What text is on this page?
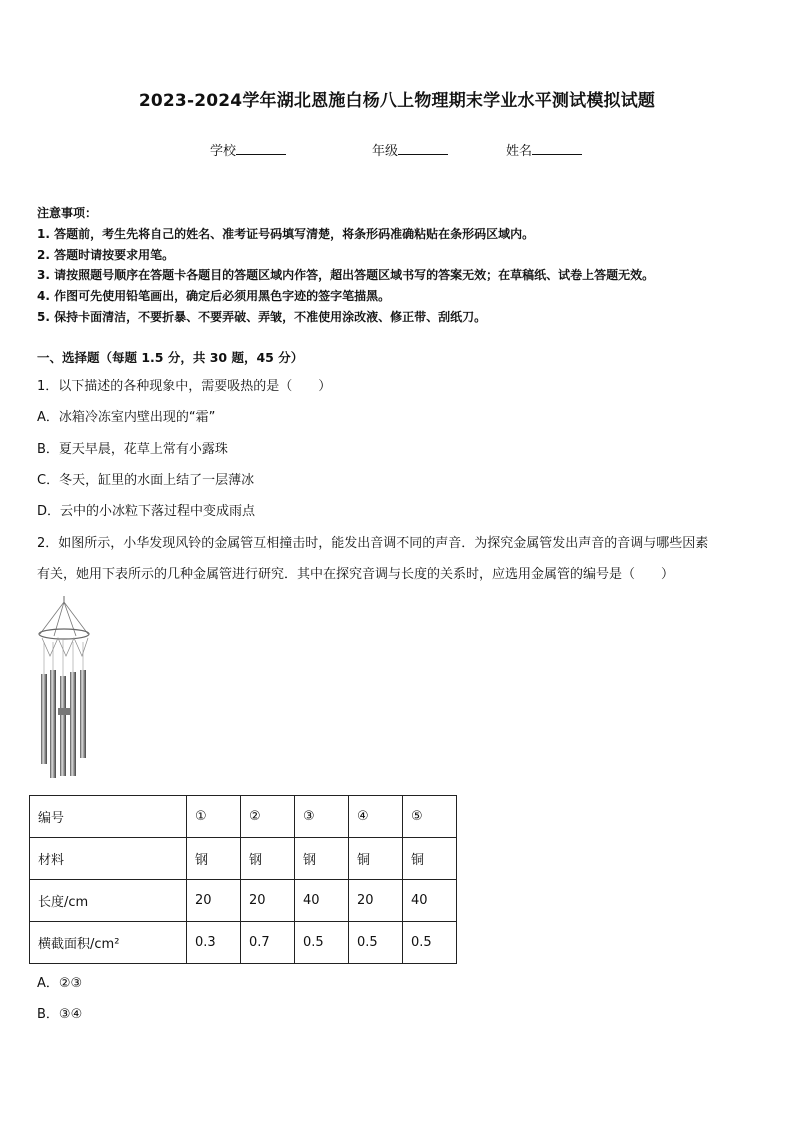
2023-2024学年湖北恩施白杨八上物理期末学业水平测试模拟试题
学校	年级	姓名
注意事项：
1. 答题前，考生先将自己的姓名、准考证号码填写清楚，将条形码准确粘贴在条形码区域内。
2. 答题时请按要求用笔。
3. 请按照题号顺序在答题卡各题目的答题区域内作答，超出答题区域书写的答案无效；在草稿纸、试卷上答题无效。
4. 作图可先使用铅笔画出，确定后必须用黑色字迹的签字笔描黑。
5. 保持卡面清洁，不要折暴、不要弄破、弄皱，不准使用涂改液、修正带、刮纸刀。
一、选择题（每题 1.5 分，共 30 题，45 分）
1．以下描述的各种现象中，需要吸热的是（　　）
A．冰箱冷冻室内壁出现的“霜”
B．夏天早晨，花草上常有小露珠
C．冬天，缸里的水面上结了一层薄冰
D．云中的小冰粒下落过程中变成雨点
2．如图所示，小华发现风铃的金属管互相撞击时，能发出音调不同的声音．为探究金属管发出声音的音调与哪些因素
有关，她用下表所示的几种金属管进行研究．其中在探究音调与长度的关系时，应选用金属管的编号是（　　）
编号	①	②	③	④	⑤
材料	钢	钢	钢	铜	铜
长度/cm	20	20	40	20	40
横截面积/cm²	0.3	0.7	0.5	0.5	0.5
A．②③
B．③④
